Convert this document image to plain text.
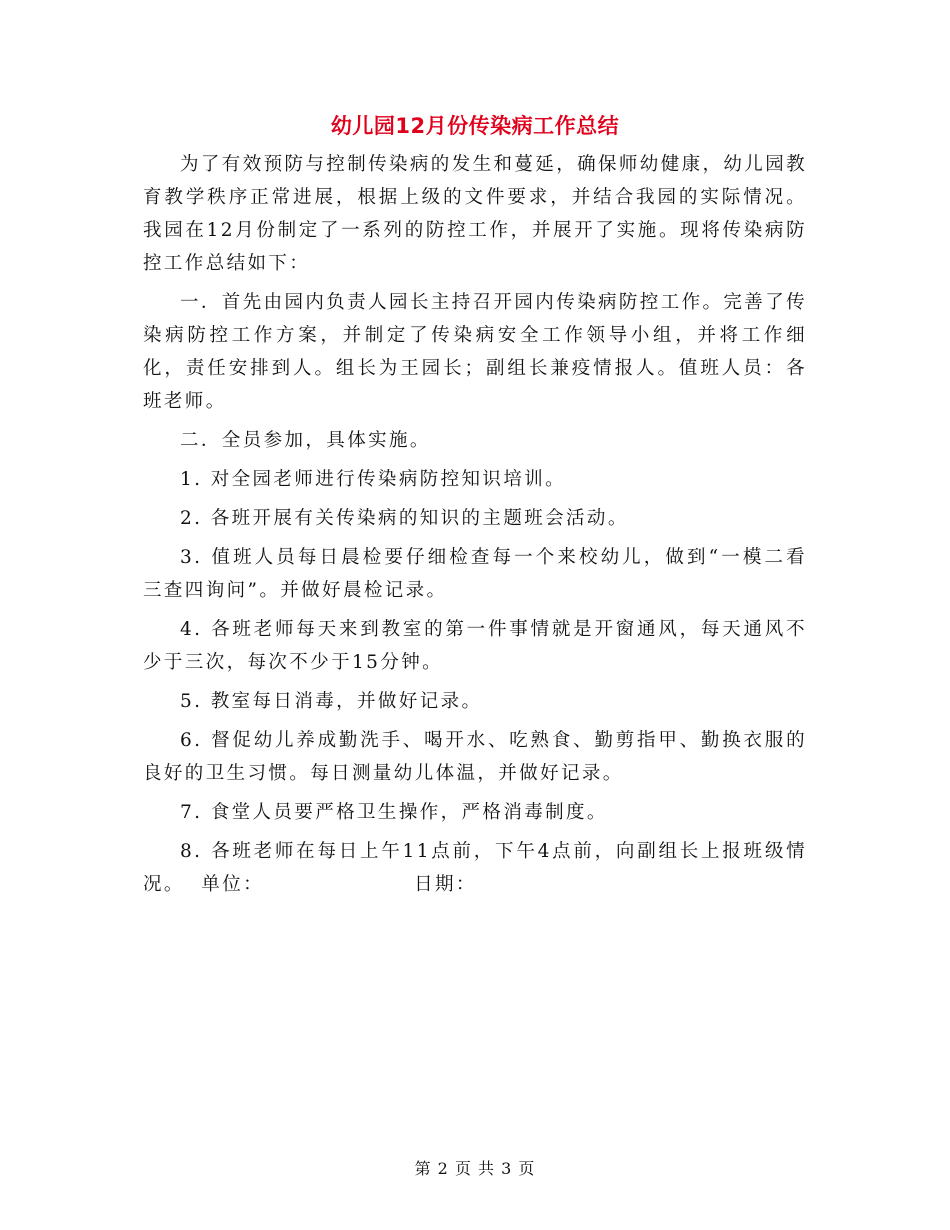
幼儿园12月份传染病工作总结

为了有效预防与控制传染病的发生和蔓延，确保师幼健康，幼儿园教育教学秩序正常进展，根据上级的文件要求，并结合我园的实际情况。我园在12月份制定了一系列的防控工作，并展开了实施。现将传染病防控工作总结如下：

一．首先由园内负责人园长主持召开园内传染病防控工作。完善了传染病防控工作方案，并制定了传染病安全工作领导小组，并将工作细化，责任安排到人。组长为王园长；副组长兼疫情报人。值班人员：各班老师。

二．全员参加，具体实施。

1. 对全园老师进行传染病防控知识培训。

2. 各班开展有关传染病的知识的主题班会活动。

3. 值班人员每日晨检要仔细检查每一个来校幼儿，做到“一模二看三查四询问”。并做好晨检记录。

4. 各班老师每天来到教室的第一件事情就是开窗通风，每天通风不少于三次，每次不少于15分钟。

5. 教室每日消毒，并做好记录。

6. 督促幼儿养成勤洗手、喝开水、吃熟食、勤剪指甲、勤换衣服的良好的卫生习惯。每日测量幼儿体温，并做好记录。

7. 食堂人员要严格卫生操作，严格消毒制度。

8. 各班老师在每日上午11点前，下午4点前，向副组长上报班级情况。 单位：	日期：

第 2 页 共 3 页
